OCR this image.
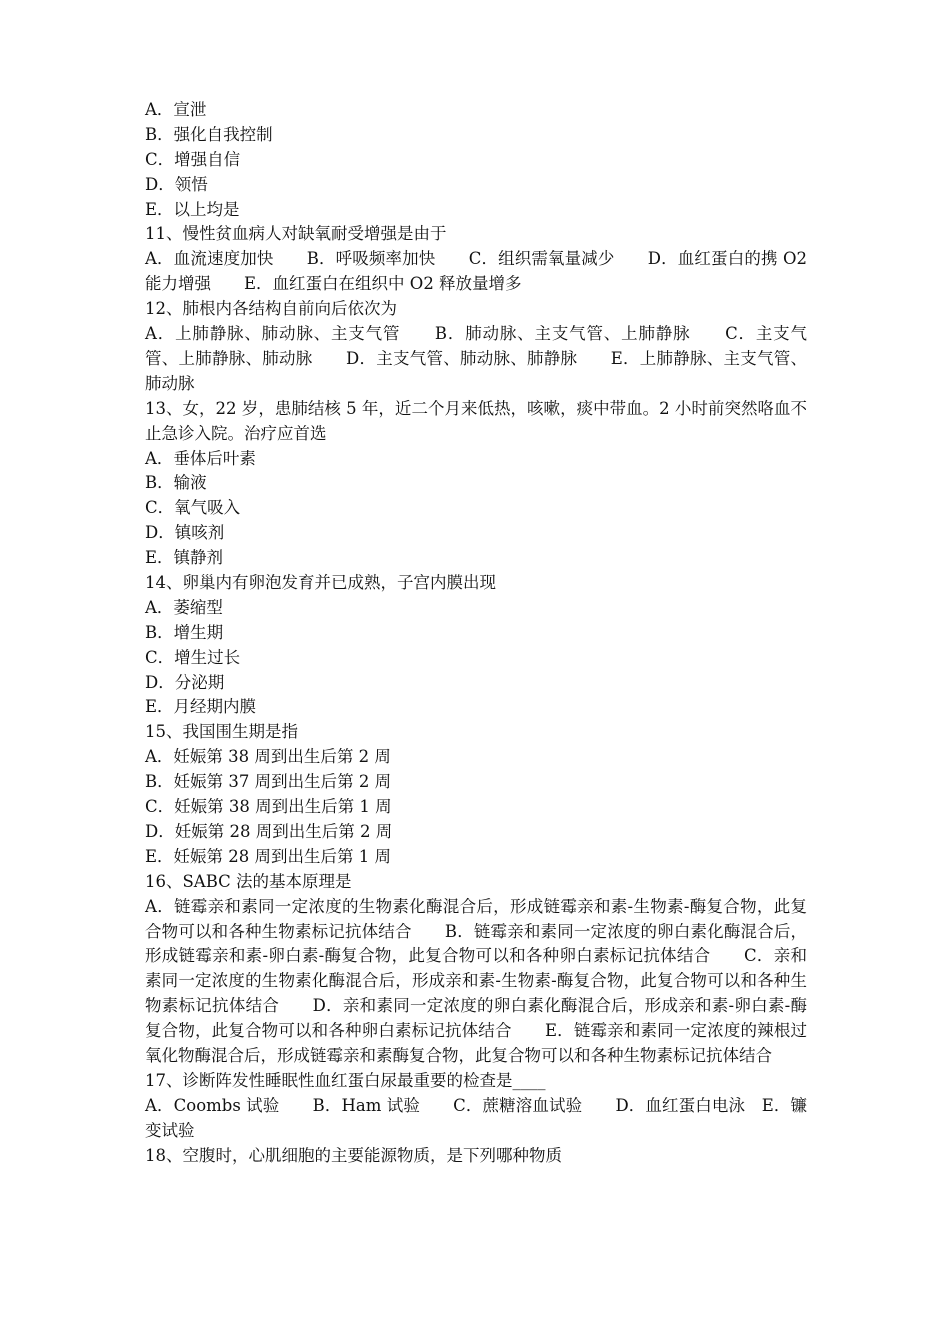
A．宣泄
B．强化自我控制
C．增强自信
D．领悟
E．以上均是
11、慢性贫血病人对缺氧耐受增强是由于
A．血流速度加快　　B．呼吸频率加快　　C．组织需氧量减少　　D．血红蛋白的携 O2 能力增强　　E．血红蛋白在组织中 O2 释放量增多
12、肺根内各结构自前向后依次为
A．上肺静脉、肺动脉、主支气管　　B．肺动脉、主支气管、上肺静脉　　C．主支气管、上肺静脉、肺动脉　　D．主支气管、肺动脉、肺静脉　　E．上肺静脉、主支气管、肺动脉
13、女，22 岁，患肺结核 5 年，近二个月来低热，咳嗽，痰中带血。2 小时前突然咯血不止急诊入院。治疗应首选
A．垂体后叶素
B．输液
C．氧气吸入
D．镇咳剂
E．镇静剂
14、卵巢内有卵泡发育并已成熟，子宫内膜出现
A．萎缩型
B．增生期
C．增生过长
D．分泌期
E．月经期内膜
15、我国围生期是指
A．妊娠第 38 周到出生后第 2 周
B．妊娠第 37 周到出生后第 2 周
C．妊娠第 38 周到出生后第 1 周
D．妊娠第 28 周到出生后第 2 周
E．妊娠第 28 周到出生后第 1 周
16、SABC 法的基本原理是
A．链霉亲和素同一定浓度的生物素化酶混合后，形成链霉亲和素-生物素-酶复合物，此复合物可以和各种生物素标记抗体结合　　B．链霉亲和素同一定浓度的卵白素化酶混合后，形成链霉亲和素-卵白素-酶复合物，此复合物可以和各种卵白素标记抗体结合　　C．亲和素同一定浓度的生物素化酶混合后，形成亲和素-生物素-酶复合物，此复合物可以和各种生物素标记抗体结合　　D．亲和素同一定浓度的卵白素化酶混合后，形成亲和素-卵白素-酶复合物，此复合物可以和各种卵白素标记抗体结合　　E．链霉亲和素同一定浓度的辣根过氧化物酶混合后，形成链霉亲和素酶复合物，此复合物可以和各种生物素标记抗体结合
17、诊断阵发性睡眠性血红蛋白尿最重要的检查是____
A．Coombs 试验　　B．Ham 试验　　C．蔗糖溶血试验　　D．血红蛋白电泳　E．镰变试验
18、空腹时，心肌细胞的主要能源物质，是下列哪种物质
